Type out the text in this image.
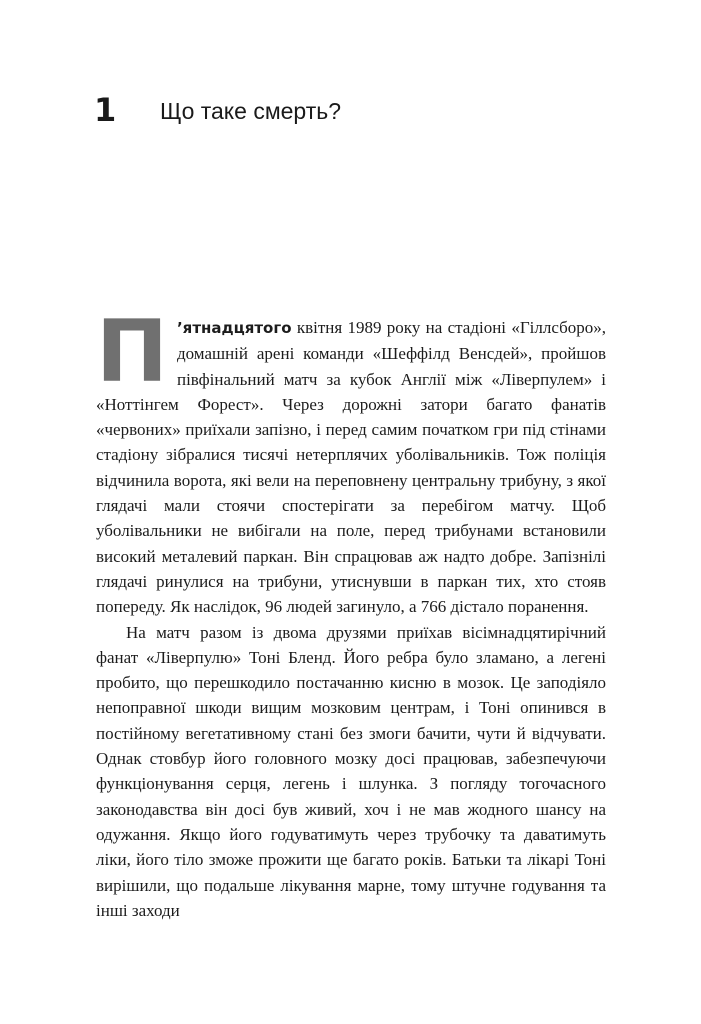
1 Що таке смерть?

П ’ятнадцятого квітня 1989 року на стадіоні «Гіллсборо», домашній арені команди «Шеффілд Венсдей», пройшов півфінальний матч за кубок Англії між «Ліверпулем» і «Ноттінгем Форест». Через дорожні затори багато фанатів «червоних» приїхали запізно, і перед самим початком гри під стінами стадіону зібралися тисячі нетерплячих уболівальників. Тож поліція відчинила ворота, які вели на переповнену центральну трибуну, з якої глядачі мали стоячи спостерігати за перебігом матчу. Щоб уболівальники не вибігали на поле, перед трибунами встановили високий металевий паркан. Він спрацював аж надто добре. Запізнілі глядачі ринулися на трибуни, утиснувши в паркан тих, хто стояв попереду. Як наслідок, 96 людей загинуло, а 766 дістало поранення.

На матч разом із двома друзями приїхав вісімнадцятирічний фанат «Ліверпулю» Тоні Бленд. Його ребра було зламано, а легені пробито, що перешкодило постачанню кисню в мозок. Це заподіяло непоправної шкоди вищим мозковим центрам, і Тоні опинився в постійному вегетативному стані без змоги бачити, чути й відчувати. Однак стовбур його головного мозку досі працював, забезпечуючи функціонування серця, легень і шлунка. З погляду тогочасного законодавства він досі був живий, хоч і не мав жодного шансу на одужання. Якщо його годуватимуть через трубочку та даватимуть ліки, його тіло зможе прожити ще багато років. Батьки та лікарі Тоні вирішили, що подальше лікування марне, тому штучне годування та інші заходи
